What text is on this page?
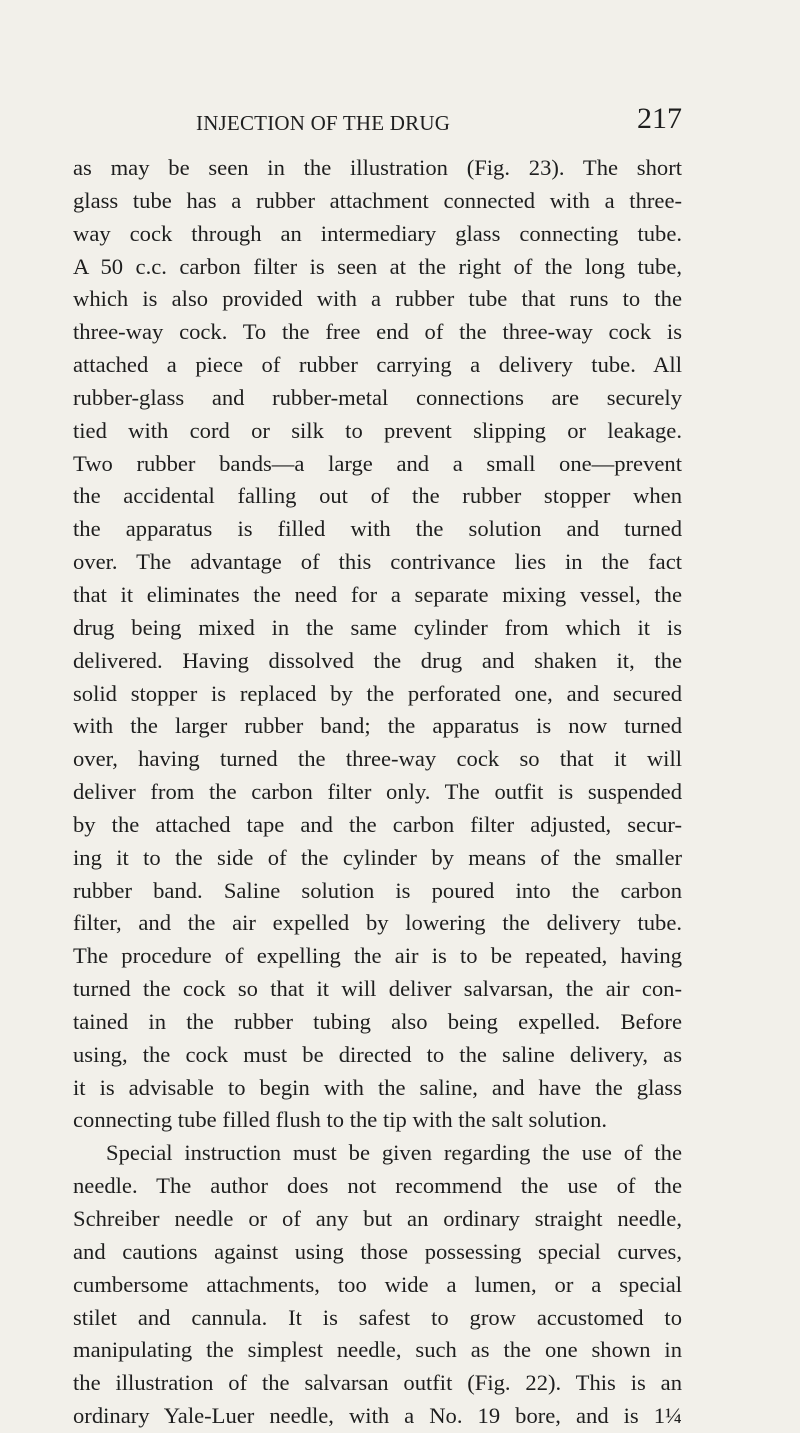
INJECTION OF THE DRUG	217
as may be seen in the illustration (Fig. 23). The short
glass tube has a rubber attachment connected with a three-
way cock through an intermediary glass connecting tube.
A 50 c.c. carbon filter is seen at the right of the long tube,
which is also provided with a rubber tube that runs to the
three-way cock. To the free end of the three-way cock is
attached a piece of rubber carrying a delivery tube. All
rubber-glass and rubber-metal connections are securely
tied with cord or silk to prevent slipping or leakage.
Two rubber bands—a large and a small one—prevent
the accidental falling out of the rubber stopper when
the apparatus is filled with the solution and turned
over. The advantage of this contrivance lies in the fact
that it eliminates the need for a separate mixing vessel, the
drug being mixed in the same cylinder from which it is
delivered. Having dissolved the drug and shaken it, the
solid stopper is replaced by the perforated one, and secured
with the larger rubber band; the apparatus is now turned
over, having turned the three-way cock so that it will
deliver from the carbon filter only. The outfit is suspended
by the attached tape and the carbon filter adjusted, secur-
ing it to the side of the cylinder by means of the smaller
rubber band. Saline solution is poured into the carbon
filter, and the air expelled by lowering the delivery tube.
The procedure of expelling the air is to be repeated, having
turned the cock so that it will deliver salvarsan, the air con-
tained in the rubber tubing also being expelled. Before
using, the cock must be directed to the saline delivery, as
it is advisable to begin with the saline, and have the glass
connecting tube filled flush to the tip with the salt solution.
Special instruction must be given regarding the use of the
needle. The author does not recommend the use of the
Schreiber needle or of any but an ordinary straight needle,
and cautions against using those possessing special curves,
cumbersome attachments, too wide a lumen, or a special
stilet and cannula. It is safest to grow accustomed to
manipulating the simplest needle, such as the one shown in
the illustration of the salvarsan outfit (Fig. 22). This is an
ordinary Yale-Luer needle, with a No. 19 bore, and is 1¼
